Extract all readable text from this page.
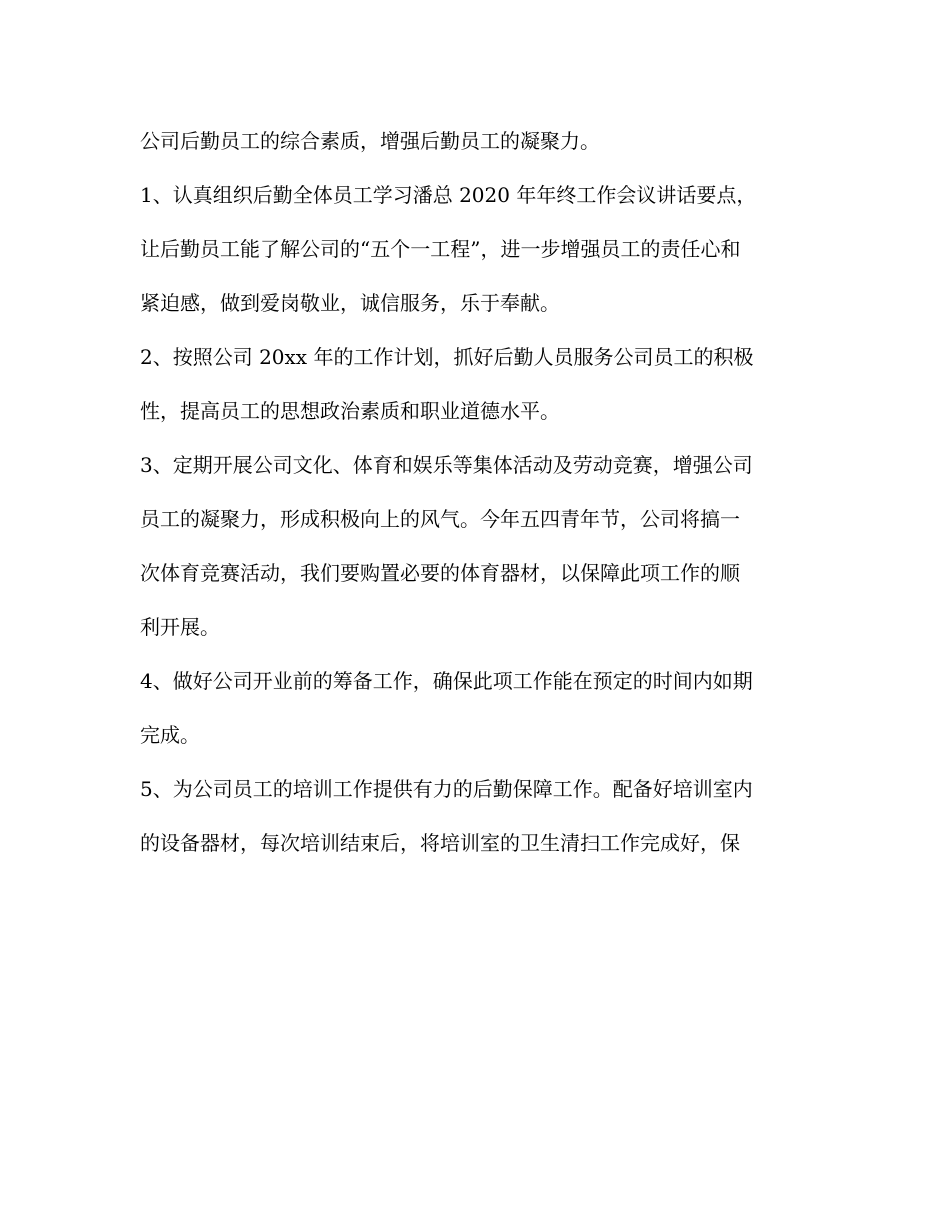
公司后勤员工的综合素质，增强后勤员工的凝聚力。
1、认真组织后勤全体员工学习潘总 2020 年年终工作会议讲话要点，
让后勤员工能了解公司的“五个一工程”，进一步增强员工的责任心和
紧迫感，做到爱岗敬业，诚信服务，乐于奉献。
2、按照公司 20xx 年的工作计划，抓好后勤人员服务公司员工的积极
性，提高员工的思想政治素质和职业道德水平。
3、定期开展公司文化、体育和娱乐等集体活动及劳动竞赛，增强公司
员工的凝聚力，形成积极向上的风气。今年五四青年节，公司将搞一
次体育竞赛活动，我们要购置必要的体育器材，以保障此项工作的顺
利开展。
4、做好公司开业前的筹备工作，确保此项工作能在预定的时间内如期
完成。
5、为公司员工的培训工作提供有力的后勤保障工作。配备好培训室内
的设备器材，每次培训结束后，将培训室的卫生清扫工作完成好，保
